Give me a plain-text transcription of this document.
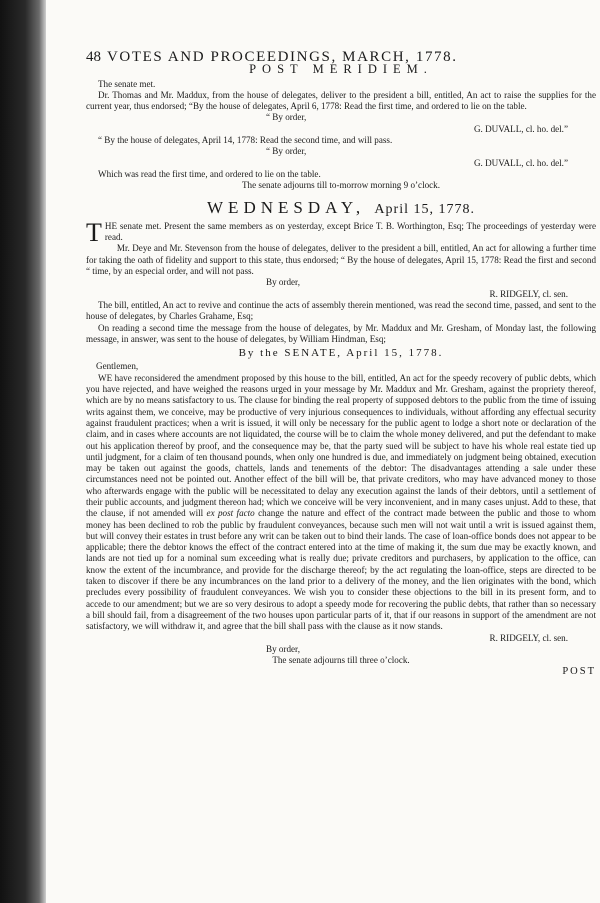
48 VOTES AND PROCEEDINGS, MARCH, 1778.
POST MERIDIEM.

The senate met.

Dr. Thomas and Mr. Maddux, from the house of delegates, deliver to the president a bill, entitled, An act to raise the supplies for the current year, thus endorsed; “By the house of delegates, April 6, 1778: Read the first time, and ordered to lie on the table.

“ By order,

G. DUVALL, cl. ho. del.”

“ By the house of delegates, April 14, 1778: Read the second time, and will pass.

“ By order,

G. DUVALL, cl. ho. del.”

Which was read the first time, and ordered to lie on the table.

The senate adjourns till to-morrow morning 9 o’clock.

WEDNESDAY, April 15, 1778.

THE senate met. Present the same members as on yesterday, except Brice T. B. Worthington, Esq; The proceedings of yesterday were read.

Mr. Deye and Mr. Stevenson from the house of delegates, deliver to the president a bill, entitled, An act for allowing a further time for taking the oath of fidelity and support to this state, thus endorsed; “ By the house of delegates, April 15, 1778: Read the first and second “ time, by an especial order, and will not pass.

By order,

R. RIDGELY, cl. sen.

The bill, entitled, An act to revive and continue the acts of assembly therein mentioned, was read the second time, passed, and sent to the house of delegates, by Charles Grahame, Esq;

On reading a second time the message from the house of delegates, by Mr. Maddux and Mr. Gresham, of Monday last, the following message, in answer, was sent to the house of delegates, by William Hindman, Esq;

By the SENATE, April 15, 1778.

Gentlemen,

WE have reconsidered the amendment proposed by this house to the bill, entitled, An act for the speedy recovery of public debts, which you have rejected, and have weighed the reasons urged in your message by Mr. Maddux and Mr. Gresham, against the propriety thereof, which are by no means satisfactory to us. The clause for binding the real property of supposed debtors to the public from the time of issuing writs against them, we conceive, may be productive of very injurious consequences to individuals, without affording any effectual security against fraudulent practices; when a writ is issued, it will only be necessary for the public agent to lodge a short note or declaration of the claim, and in cases where accounts are not liquidated, the course will be to claim the whole money delivered, and put the defendant to make out his application thereof by proof, and the consequence may be, that the party sued will be subject to have his whole real estate tied up until judgment, for a claim of ten thousand pounds, when only one hundred is due, and immediately on judgment being obtained, execution may be taken out against the goods, chattels, lands and tenements of the debtor: The disadvantages attending a sale under these circumstances need not be pointed out. Another effect of the bill will be, that private creditors, who may have advanced money to those who afterwards engage with the public will be necessitated to delay any execution against the lands of their debtors, until a settlement of their public accounts, and judgment thereon had; which we conceive will be very inconvenient, and in many cases unjust. Add to these, that the clause, if not amended will ex post facto change the nature and effect of the contract made between the public and those to whom money has been declined to rob the public by fraudulent conveyances, because such men will not wait until a writ is issued against them, but will convey their estates in trust before any writ can be taken out to bind their lands. The case of loan-office bonds does not appear to be applicable; there the debtor knows the effect of the contract entered into at the time of making it, the sum due may be exactly known, and lands are not tied up for a nominal sum exceeding what is really due; private creditors and purchasers, by application to the office, can know the extent of the incumbrance, and provide for the discharge thereof; by the act regulating the loan-office, steps are directed to be taken to discover if there be any incumbrances on the land prior to a delivery of the money, and the lien originates with the bond, which precludes every possibility of fraudulent conveyances. We wish you to consider these objections to the bill in its present form, and to accede to our amendment; but we are so very desirous to adopt a speedy mode for recovering the public debts, that rather than so necessary a bill should fail, from a disagreement of the two houses upon particular parts of it, that if our reasons in support of the amendment are not satisfactory, we will withdraw it, and agree that the bill shall pass with the clause as it now stands.

R. RIDGELY, cl. sen.

By order,

The senate adjourns till three o’clock.

POST
